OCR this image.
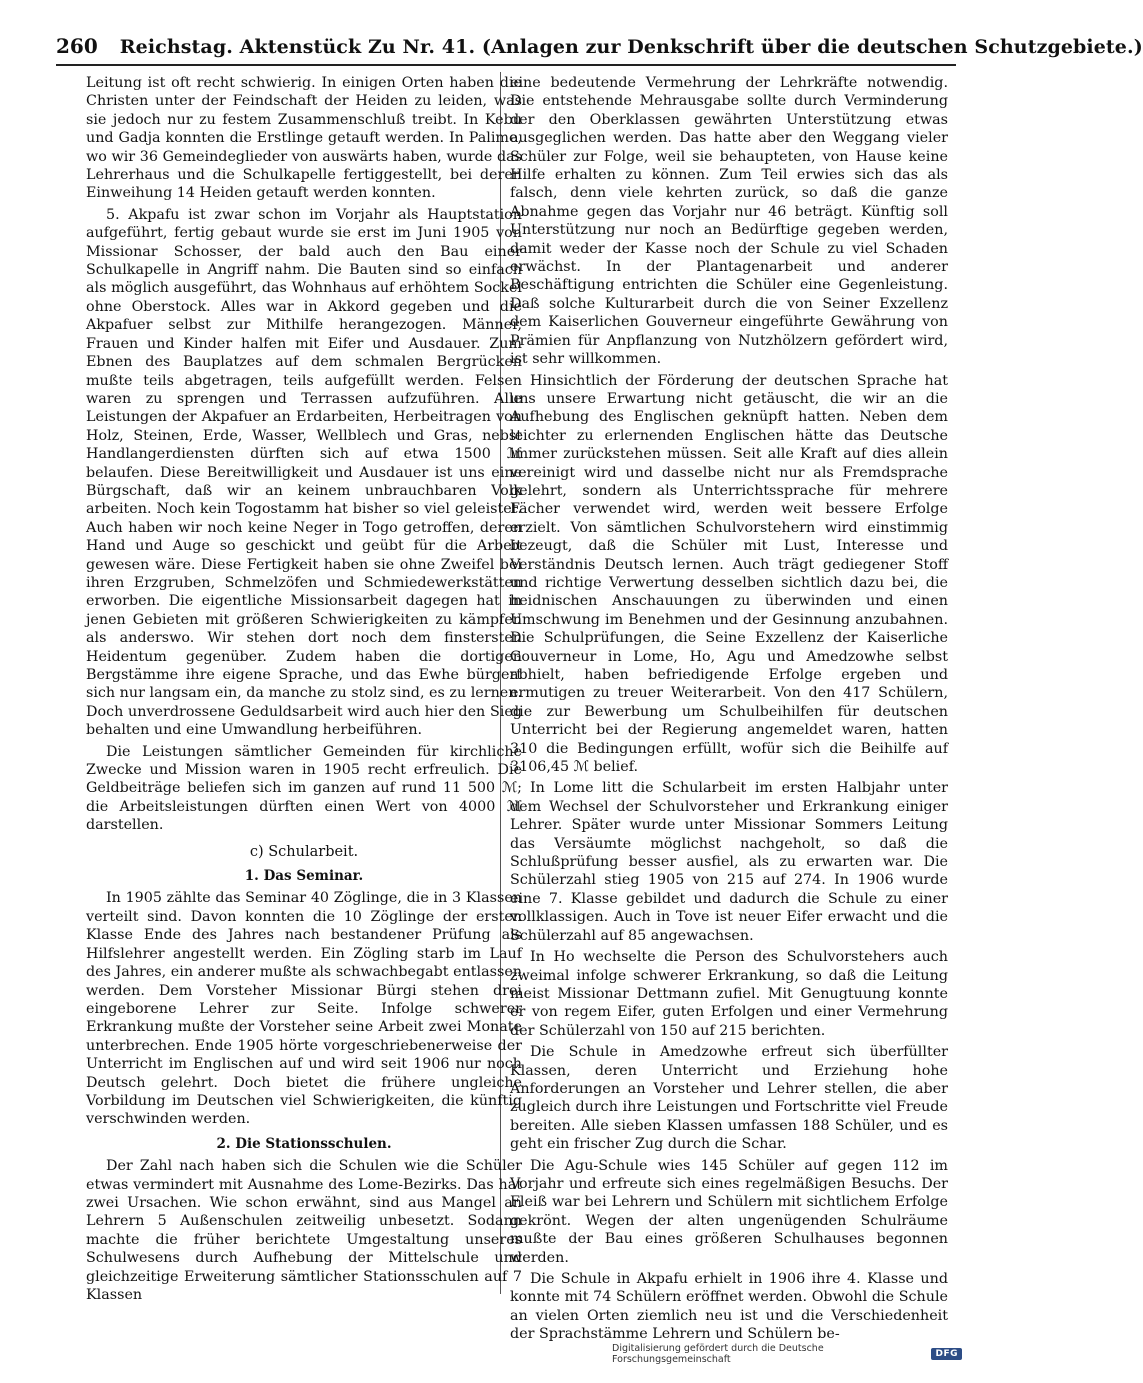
260 Reichstag. Aktenstück Zu Nr. 41. (Anlagen zur Denkschrift über die deutschen Schutzgebiete.)

Leitung ist oft recht schwierig. In einigen Orten haben die Christen unter der Feindschaft der Heiden zu leiden, was sie jedoch nur zu festem Zusammenschluß treibt. In Kebu und Gadja konnten die Erstlinge getauft werden. In Palime, wo wir 36 Gemeindeglieder von auswärts haben, wurde das Lehrerhaus und die Schulkapelle fertiggestellt, bei deren Einweihung 14 Heiden getauft werden konnten.

5. Akpafu ist zwar schon im Vorjahr als Hauptstation aufgeführt, fertig gebaut wurde sie erst im Juni 1905 von Missionar Schosser, der bald auch den Bau einer Schulkapelle in Angriff nahm. Die Bauten sind so einfach als möglich ausgeführt, das Wohnhaus auf erhöhtem Sockel ohne Oberstock. Alles war in Akkord gegeben und die Akpafuer selbst zur Mithilfe herangezogen. Männer, Frauen und Kinder halfen mit Eifer und Ausdauer. Zum Ebnen des Bauplatzes auf dem schmalen Bergrücken mußte teils abgetragen, teils aufgefüllt werden. Felsen waren zu sprengen und Terrassen aufzuführen. Alle Leistungen der Akpafuer an Erdarbeiten, Herbeitragen von Holz, Steinen, Erde, Wasser, Wellblech und Gras, nebst Handlangerdiensten dürften sich auf etwa 1500 ℳ belaufen. Diese Bereitwilligkeit und Ausdauer ist uns eine Bürgschaft, daß wir an keinem unbrauchbaren Volk arbeiten. Noch kein Togostamm hat bisher so viel geleistet. Auch haben wir noch keine Neger in Togo getroffen, deren Hand und Auge so geschickt und geübt für die Arbeit gewesen wäre. Diese Fertigkeit haben sie ohne Zweifel bei ihren Erzgruben, Schmelzöfen und Schmiedewerkstätten erworben. Die eigentliche Missionsarbeit dagegen hat in jenen Gebieten mit größeren Schwierigkeiten zu kämpfen als anderswo. Wir stehen dort noch dem finstersten Heidentum gegenüber. Zudem haben die dortigen Bergstämme ihre eigene Sprache, und das Ewhe bürgert sich nur langsam ein, da manche zu stolz sind, es zu lernen. Doch unverdrossene Geduldsarbeit wird auch hier den Sieg behalten und eine Umwandlung herbeiführen.

Die Leistungen sämtlicher Gemeinden für kirchliche Zwecke und Mission waren in 1905 recht erfreulich. Die Geldbeiträge beliefen sich im ganzen auf rund 11 500 ℳ; die Arbeitsleistungen dürften einen Wert von 4000 ℳ darstellen.

c) Schularbeit.
1. Das Seminar.

In 1905 zählte das Seminar 40 Zöglinge, die in 3 Klassen verteilt sind. Davon konnten die 10 Zöglinge der ersten Klasse Ende des Jahres nach bestandener Prüfung als Hilfslehrer angestellt werden. Ein Zögling starb im Lauf des Jahres, ein anderer mußte als schwachbegabt entlassen werden. Dem Vorsteher Missionar Bürgi stehen drei eingeborene Lehrer zur Seite. Infolge schwerer Erkrankung mußte der Vorsteher seine Arbeit zwei Monate unterbrechen. Ende 1905 hörte vorgeschriebenerweise der Unterricht im Englischen auf und wird seit 1906 nur noch Deutsch gelehrt. Doch bietet die frühere ungleiche Vorbildung im Deutschen viel Schwierigkeiten, die künftig verschwinden werden.

2. Die Stationsschulen.

Der Zahl nach haben sich die Schulen wie die Schüler etwas vermindert mit Ausnahme des Lome-Bezirks. Das hat zwei Ursachen. Wie schon erwähnt, sind aus Mangel an Lehrern 5 Außenschulen zeitweilig unbesetzt. Sodann machte die früher berichtete Umgestaltung unseres Schulwesens durch Aufhebung der Mittelschule und gleichzeitige Erweiterung sämtlicher Stationsschulen auf 7 Klassen

eine bedeutende Vermehrung der Lehrkräfte notwendig. Die entstehende Mehrausgabe sollte durch Verminderung der den Oberklassen gewährten Unterstützung etwas ausgeglichen werden. Das hatte aber den Weggang vieler Schüler zur Folge, weil sie behaupteten, von Hause keine Hilfe erhalten zu können. Zum Teil erwies sich das als falsch, denn viele kehrten zurück, so daß die ganze Abnahme gegen das Vorjahr nur 46 beträgt. Künftig soll Unterstützung nur noch an Bedürftige gegeben werden, damit weder der Kasse noch der Schule zu viel Schaden erwächst. In der Plantagenarbeit und anderer Beschäftigung entrichten die Schüler eine Gegenleistung. Daß solche Kulturarbeit durch die von Seiner Exzellenz dem Kaiserlichen Gouverneur eingeführte Gewährung von Prämien für Anpflanzung von Nutzhölzern gefördert wird, ist sehr willkommen.

Hinsichtlich der Förderung der deutschen Sprache hat uns unsere Erwartung nicht getäuscht, die wir an die Aufhebung des Englischen geknüpft hatten. Neben dem leichter zu erlernenden Englischen hätte das Deutsche immer zurückstehen müssen. Seit alle Kraft auf dies allein vereinigt wird und dasselbe nicht nur als Fremdsprache gelehrt, sondern als Unterrichtssprache für mehrere Fächer verwendet wird, werden weit bessere Erfolge erzielt. Von sämtlichen Schulvorstehern wird einstimmig bezeugt, daß die Schüler mit Lust, Interesse und Verständnis Deutsch lernen. Auch trägt gediegener Stoff und richtige Verwertung desselben sichtlich dazu bei, die heidnischen Anschauungen zu überwinden und einen Umschwung im Benehmen und der Gesinnung anzubahnen. Die Schulprüfungen, die Seine Exzellenz der Kaiserliche Gouverneur in Lome, Ho, Agu und Amedzowhe selbst abhielt, haben befriedigende Erfolge ergeben und ermutigen zu treuer Weiterarbeit. Von den 417 Schülern, die zur Bewerbung um Schulbeihilfen für deutschen Unterricht bei der Regierung angemeldet waren, hatten 310 die Bedingungen erfüllt, wofür sich die Beihilfe auf 3106,45 ℳ belief.

In Lome litt die Schularbeit im ersten Halbjahr unter dem Wechsel der Schulvorsteher und Erkrankung einiger Lehrer. Später wurde unter Missionar Sommers Leitung das Versäumte möglichst nachgeholt, so daß die Schlußprüfung besser ausfiel, als zu erwarten war. Die Schülerzahl stieg 1905 von 215 auf 274. In 1906 wurde eine 7. Klasse gebildet und dadurch die Schule zu einer vollklassigen. Auch in Tove ist neuer Eifer erwacht und die Schülerzahl auf 85 angewachsen.

In Ho wechselte die Person des Schulvorstehers auch zweimal infolge schwerer Erkrankung, so daß die Leitung meist Missionar Dettmann zufiel. Mit Genugtuung konnte er von regem Eifer, guten Erfolgen und einer Vermehrung der Schülerzahl von 150 auf 215 berichten.

Die Schule in Amedzowhe erfreut sich überfüllter Klassen, deren Unterricht und Erziehung hohe Anforderungen an Vorsteher und Lehrer stellen, die aber zugleich durch ihre Leistungen und Fortschritte viel Freude bereiten. Alle sieben Klassen umfassen 188 Schüler, und es geht ein frischer Zug durch die Schar.

Die Agu-Schule wies 145 Schüler auf gegen 112 im Vorjahr und erfreute sich eines regelmäßigen Besuchs. Der Fleiß war bei Lehrern und Schülern mit sichtlichem Erfolge gekrönt. Wegen der alten ungenügenden Schulräume mußte der Bau eines größeren Schulhauses begonnen werden.

Die Schule in Akpafu erhielt in 1906 ihre 4. Klasse und konnte mit 74 Schülern eröffnet werden. Obwohl die Schule an vielen Orten ziemlich neu ist und die Verschiedenheit der Sprachstämme Lehrern und Schülern be-

Digitalisierung gefördert durch die Deutsche Forschungsgemeinschaft	DFG
